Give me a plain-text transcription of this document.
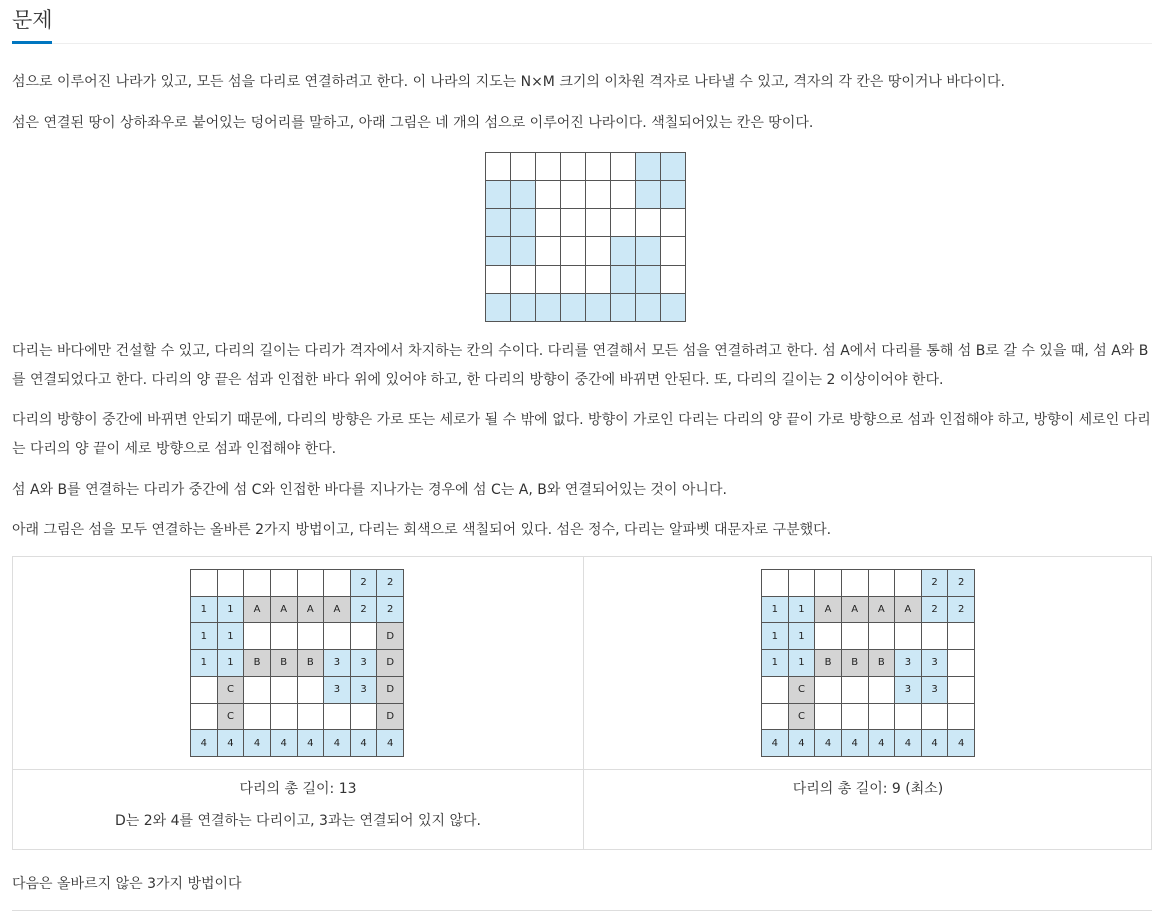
문제

섬으로 이루어진 나라가 있고, 모든 섬을 다리로 연결하려고 한다. 이 나라의 지도는 N×M 크기의 이차원 격자로 나타낼 수 있고, 격자의 각 칸은 땅이거나 바다이다.

섬은 연결된 땅이 상하좌우로 붙어있는 덩어리를 말하고, 아래 그림은 네 개의 섬으로 이루어진 나라이다. 색칠되어있는 칸은 땅이다.

다리는 바다에만 건설할 수 있고, 다리의 길이는 다리가 격자에서 차지하는 칸의 수이다. 다리를 연결해서 모든 섬을 연결하려고 한다. 섬 A에서 다리를 통해 섬 B로 갈 수 있을 때, 섬 A와 B를 연결되었다고 한다. 다리의 양 끝은 섬과 인접한 바다 위에 있어야 하고, 한 다리의 방향이 중간에 바뀌면 안된다. 또, 다리의 길이는 2 이상이어야 한다.

다리의 방향이 중간에 바뀌면 안되기 때문에, 다리의 방향은 가로 또는 세로가 될 수 밖에 없다. 방향이 가로인 다리는 다리의 양 끝이 가로 방향으로 섬과 인접해야 하고, 방향이 세로인 다리는 다리의 양 끝이 세로 방향으로 섬과 인접해야 한다.

섬 A와 B를 연결하는 다리가 중간에 섬 C와 인접한 바다를 지나가는 경우에 섬 C는 A, B와 연결되어있는 것이 아니다.

아래 그림은 섬을 모두 연결하는 올바른 2가지 방법이고, 다리는 회색으로 색칠되어 있다. 섬은 정수, 다리는 알파벳 대문자로 구분했다.

						2	2
1	1	A	A	A	A	2	2
1	1						D
1	1	B	B	B	3	3	D
	C				3	3	D
	C						D
4	4	4	4	4	4	4	4
						2	2
1	1	A	A	A	A	2	2
1	1						
1	1	B	B	B	3	3	
	C				3	3	
	C						
4	4	4	4	4	4	4	4
다리의 총 길이: 13
D는 2와 4를 연결하는 다리이고, 3과는 연결되어 있지 않다.
다리의 총 길이: 9 (최소)

다음은 올바르지 않은 3가지 방법이다
